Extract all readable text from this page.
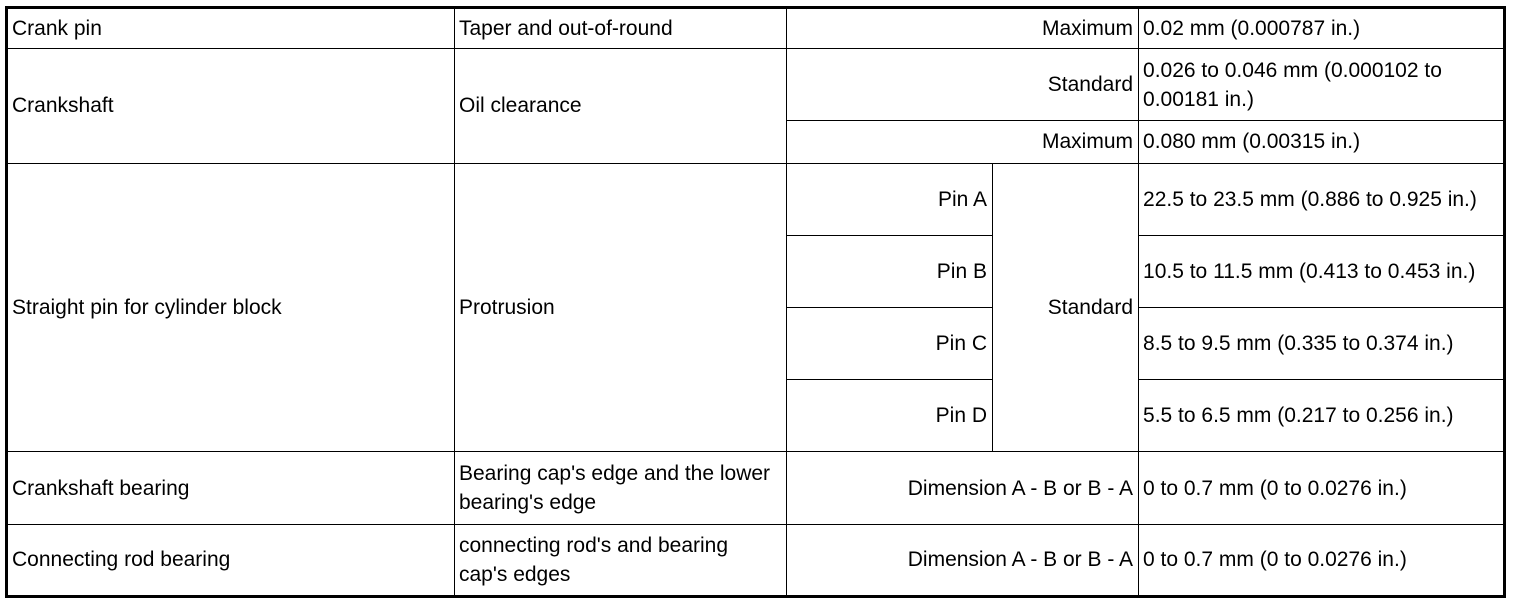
Crank pin	Taper and out-of-round	Maximum		0.02 mm (0.000787 in.)
Crankshaft	Oil clearance	Standard		0.026 to 0.046 mm (0.000102 to 0.00181 in.)
		Maximum		0.080 mm (0.00315 in.)
Straight pin for cylinder block	Protrusion	Pin A	Standard	22.5 to 23.5 mm (0.886 to 0.925 in.)
		Pin B		10.5 to 11.5 mm (0.413 to 0.453 in.)
		Pin C		8.5 to 9.5 mm (0.335 to 0.374 in.)
		Pin D		5.5 to 6.5 mm (0.217 to 0.256 in.)
Crankshaft bearing	Bearing cap's edge and the lower bearing's edge	Dimension A - B or B - A		0 to 0.7 mm (0 to 0.0276 in.)
Connecting rod bearing	connecting rod's and bearing cap's edges	Dimension A - B or B - A		0 to 0.7 mm (0 to 0.0276 in.)
